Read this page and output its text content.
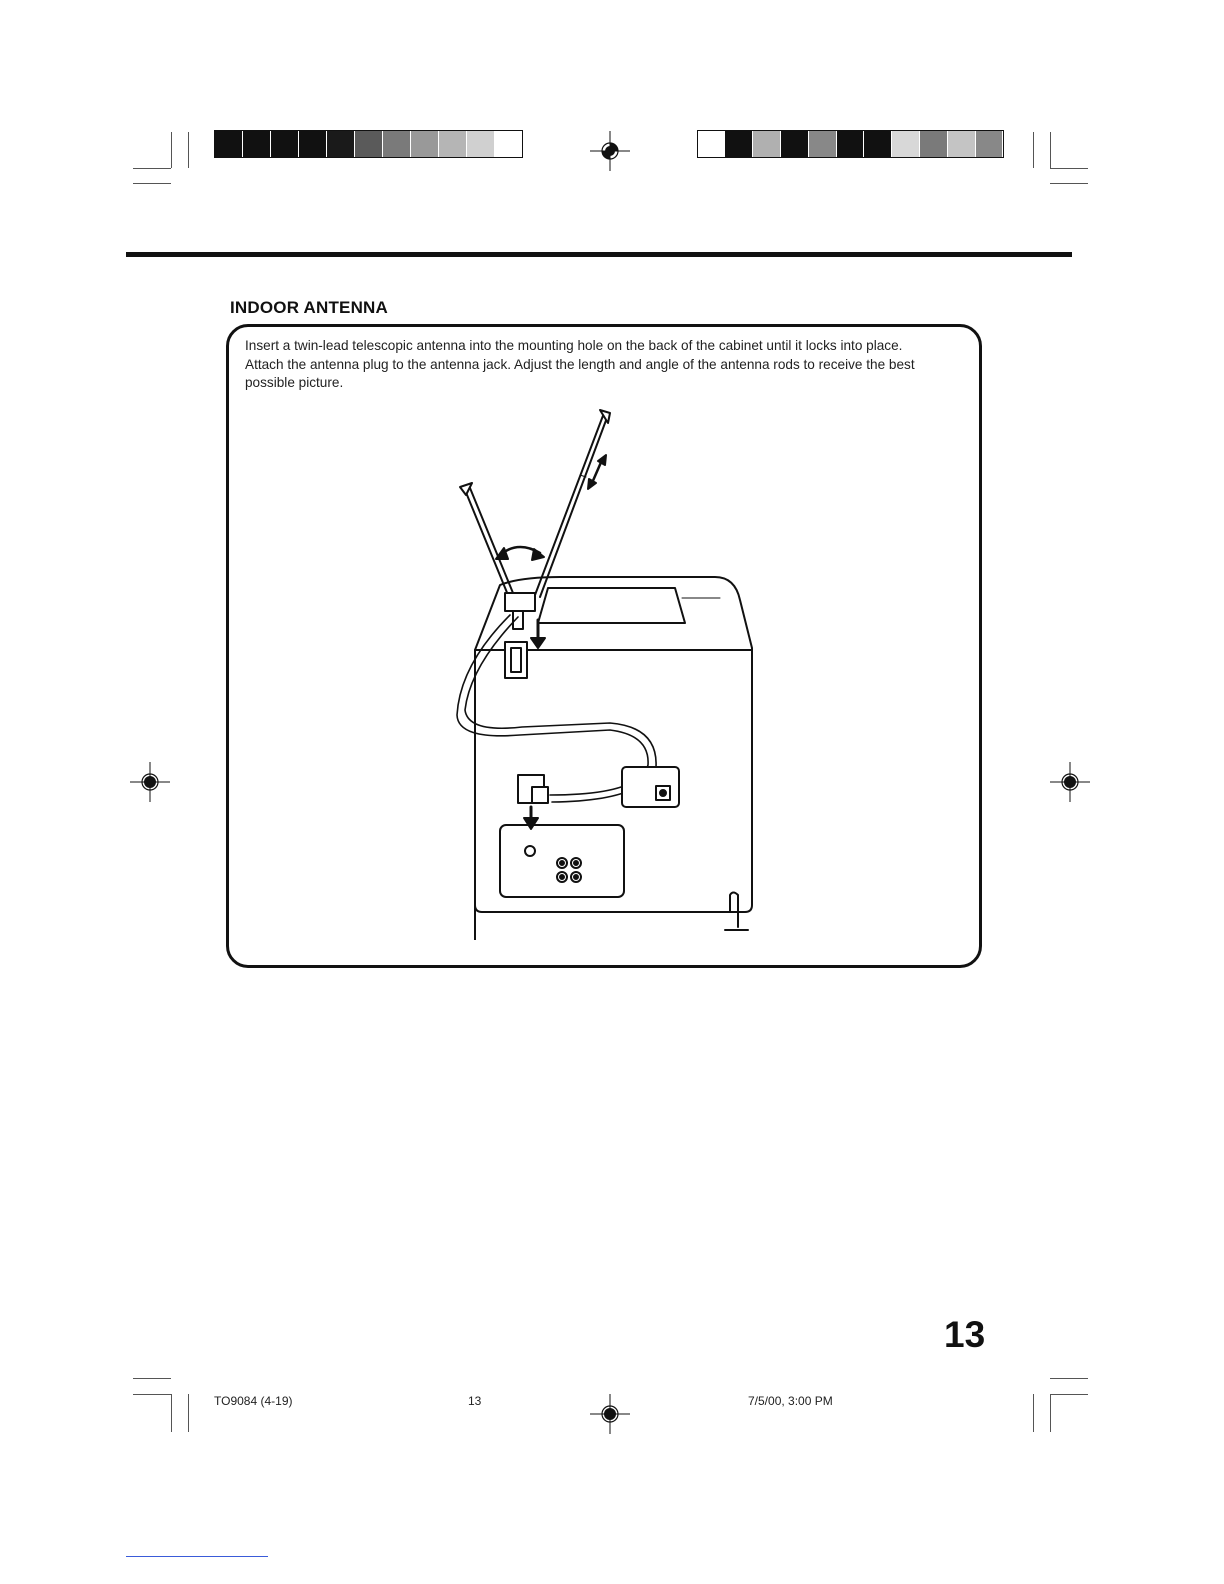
INDOOR ANTENNA

Insert a twin-lead telescopic antenna into the mounting hole on the back of the cabinet until it locks into place.

Attach the antenna plug to the antenna jack. Adjust the length and angle of the antenna rods to receive the best

possible picture.

13
TO9084 (4-19)	13	7/5/00, 3:00 PM
